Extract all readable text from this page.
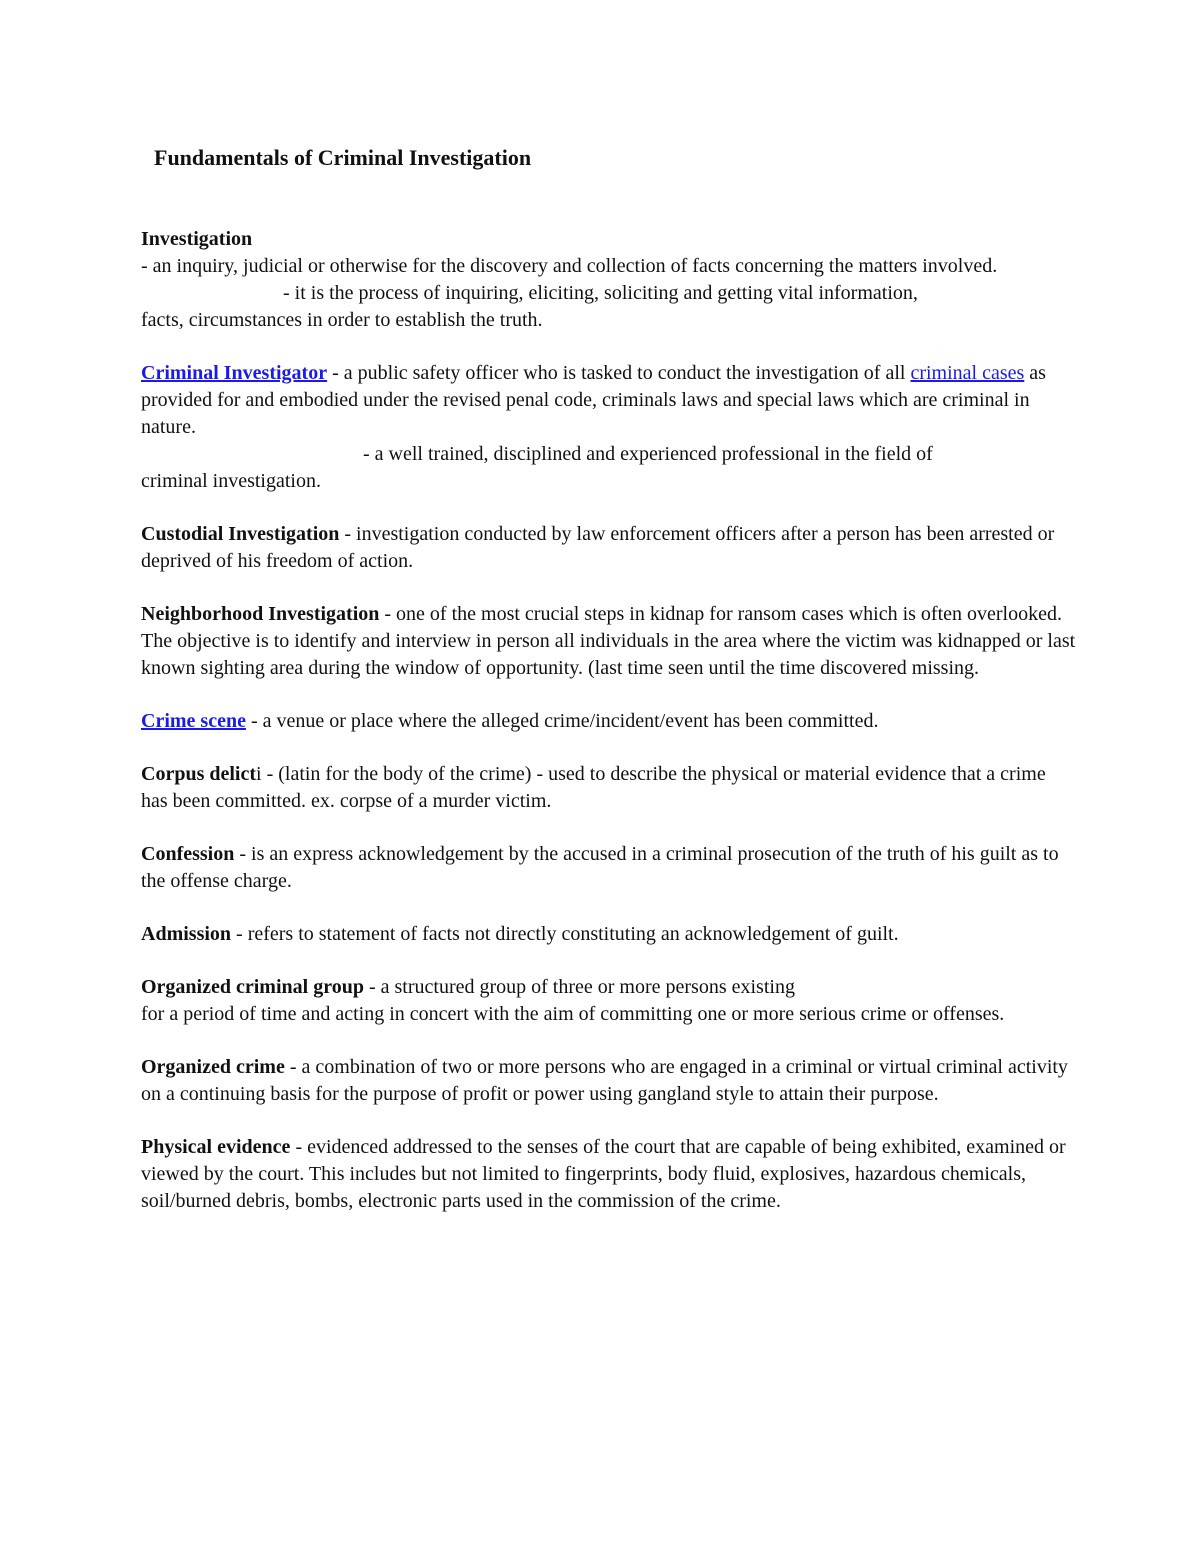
Fundamentals of Criminal Investigation

Investigation

- an inquiry, judicial or otherwise for the discovery and collection of facts concerning the matters involved.

- it is the process of inquiring, eliciting, soliciting and getting vital information,

facts, circumstances in order to establish the truth.

Criminal Investigator - a public safety officer who is tasked to conduct the investigation of all criminal cases as provided for and embodied under the revised penal code, criminals laws and special laws which are criminal in nature.

- a well trained, disciplined and experienced professional in the field of

criminal investigation.

Custodial Investigation - investigation conducted by law enforcement officers after a person has been arrested or deprived of his freedom of action.

Neighborhood Investigation - one of the most crucial steps in kidnap for ransom cases which is often overlooked. The objective is to identify and interview in person all individuals in the area where the victim was kidnapped or last known sighting area during the window of opportunity. (last time seen until the time discovered missing.

Crime scene - a venue or place where the alleged crime/incident/event has been committed.

Corpus delicti - (latin for the body of the crime) - used to describe the physical or material evidence that a crime has been committed. ex. corpse of a murder victim.

Confession - is an express acknowledgement by the accused in a criminal prosecution of the truth of his guilt as to the offense charge.

Admission - refers to statement of facts not directly constituting an acknowledgement of guilt.

Organized criminal group - a structured group of three or more persons existing

for a period of time and acting in concert with the aim of committing one or more serious crime or offenses.

Organized crime - a combination of two or more persons who are engaged in a criminal or virtual criminal activity on a continuing basis for the purpose of profit or power using gangland style to attain their purpose.

Physical evidence - evidenced addressed to the senses of the court that are capable of being exhibited, examined or viewed by the court. This includes but not limited to fingerprints, body fluid, explosives, hazardous chemicals, soil/burned debris, bombs, electronic parts used in the commission of the crime.
